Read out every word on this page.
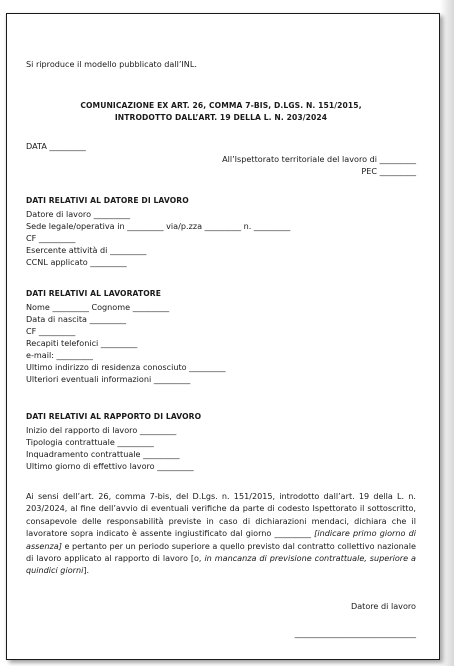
Si riproduce il modello pubblicato dall’INL.
COMUNICAZIONE EX ART. 26, COMMA 7-BIS, D.LGS. N. 151/2015,
INTRODOTTO DALL’ART. 19 DELLA L. N. 203/2024
DATA _________
All’Ispettorato territoriale del lavoro di _________
PEC _________
DATI RELATIVI AL DATORE DI LAVORO
Datore di lavoro _________
Sede legale/operativa in _________ via/p.zza _________ n. _________
CF _________
Esercente attività di _________
CCNL applicato _________
DATI RELATIVI AL LAVORATORE
Nome _________ Cognome _________
Data di nascita _________
CF _________
Recapiti telefonici _________
e-mail: _________
Ultimo indirizzo di residenza conosciuto _________
Ulteriori eventuali informazioni _________
DATI RELATIVI AL RAPPORTO DI LAVORO
Inizio del rapporto di lavoro _________
Tipologia contrattuale _________
Inquadramento contrattuale _________
Ultimo giorno di effettivo lavoro _________
Ai sensi dell’art. 26, comma 7-bis, del D.Lgs. n. 151/2015, introdotto dall’art. 19 della L. n. 203/2024, al fine dell’avvio di eventuali verifiche da parte di codesto Ispettorato il sottoscritto, consapevole delle responsabilità previste in caso di dichiarazioni mendaci, dichiara che il lavoratore sopra indicato è assente ingiustificato dal giorno _________ [indicare primo giorno di assenza] e pertanto per un periodo superiore a quello previsto dal contratto collettivo nazionale di lavoro applicato al rapporto di lavoro [o, in mancanza di previsione contrattuale, superiore a quindici giorni].
Datore di lavoro
______________________________
